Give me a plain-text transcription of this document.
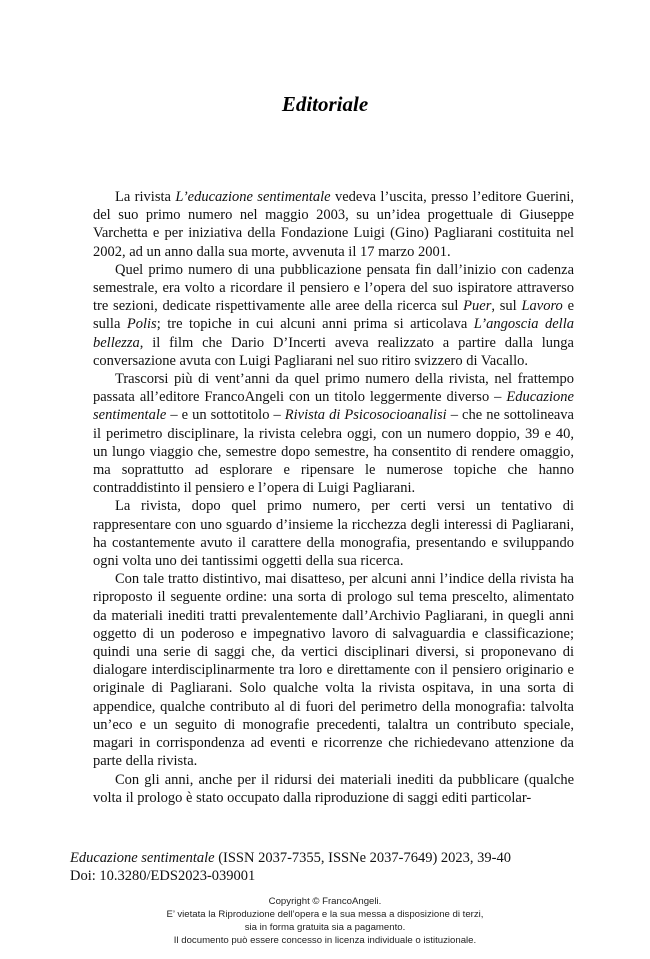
Editoriale

La rivista L’educazione sentimentale vedeva l’uscita, presso l’editore Guerini, del suo primo numero nel maggio 2003, su un’idea progettuale di Giuseppe Varchetta e per iniziativa della Fondazione Luigi (Gino) Pagliarani costituita nel 2002, ad un anno dalla sua morte, avvenuta il 17 marzo 2001.

Quel primo numero di una pubblicazione pensata fin dall’inizio con cadenza semestrale, era volto a ricordare il pensiero e l’opera del suo ispiratore attraverso tre sezioni, dedicate rispettivamente alle aree della ricerca sul Puer, sul Lavoro e sulla Polis; tre topiche in cui alcuni anni prima si articolava L’angoscia della bellezza, il film che Dario D’Incerti aveva realizzato a partire dalla lunga conversazione avuta con Luigi Pagliarani nel suo ritiro svizzero di Vacallo.

Trascorsi più di vent’anni da quel primo numero della rivista, nel frattempo passata all’editore FrancoAngeli con un titolo leggermente diverso – Educazione sentimentale – e un sottotitolo – Rivista di Psicosocioanalisi – che ne sottolineava il perimetro disciplinare, la rivista celebra oggi, con un numero doppio, 39 e 40, un lungo viaggio che, semestre dopo semestre, ha consentito di rendere omaggio, ma soprattutto ad esplorare e ripensare le numerose topiche che hanno contraddistinto il pensiero e l’opera di Luigi Pagliarani.

La rivista, dopo quel primo numero, per certi versi un tentativo di rappresentare con uno sguardo d’insieme la ricchezza degli interessi di Pagliarani, ha costantemente avuto il carattere della monografia, presentando e sviluppando ogni volta uno dei tantissimi oggetti della sua ricerca.

Con tale tratto distintivo, mai disatteso, per alcuni anni l’indice della rivista ha riproposto il seguente ordine: una sorta di prologo sul tema prescelto, alimentato da materiali inediti tratti prevalentemente dall’Archivio Pagliarani, in quegli anni oggetto di un poderoso e impegnativo lavoro di salvaguardia e classificazione; quindi una serie di saggi che, da vertici disciplinari diversi, si proponevano di dialogare interdisciplinarmente tra loro e direttamente con il pensiero originario e originale di Pagliarani. Solo qualche volta la rivista ospitava, in una sorta di appendice, qualche contributo al di fuori del perimetro della monografia: talvolta un’eco e un seguito di monografie precedenti, talaltra un contributo speciale, magari in corrispondenza ad eventi e ricorrenze che richiedevano attenzione da parte della rivista.

Con gli anni, anche per il ridursi dei materiali inediti da pubblicare (qualche volta il prologo è stato occupato dalla riproduzione di saggi editi particolar-

Educazione sentimentale (ISSN 2037-7355, ISSNe 2037-7649) 2023, 39-40
Doi: 10.3280/EDS2023-039001
Copyright © FrancoAngeli.
E’ vietata la Riproduzione dell’opera e la sua messa a disposizione di terzi,
sia in forma gratuita sia a pagamento.
Il documento può essere concesso in licenza individuale o istituzionale.
